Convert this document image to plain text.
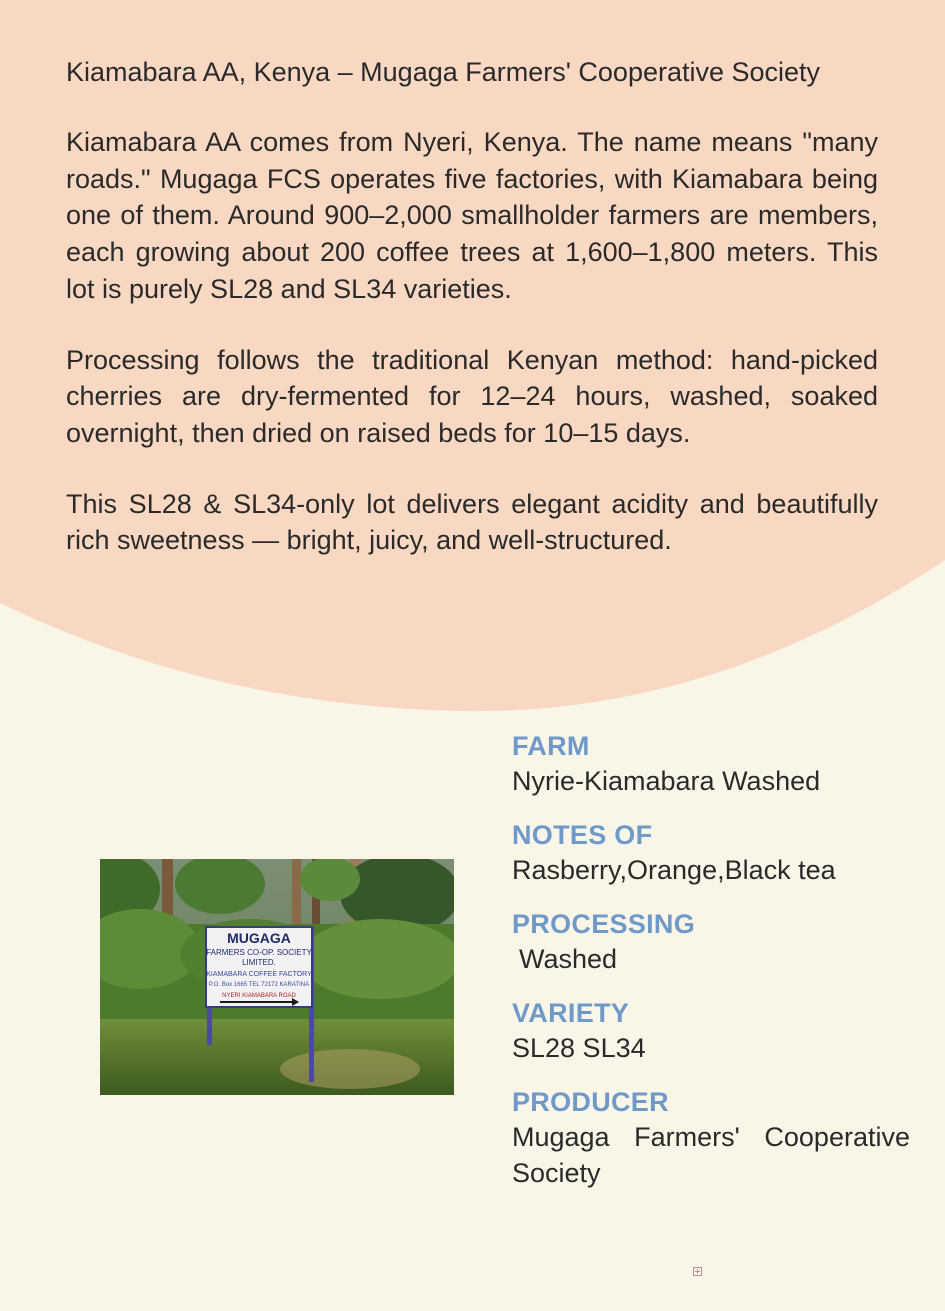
Kiamabara AA, Kenya – Mugaga Farmers' Cooperative Society

Kiamabara AA comes from Nyeri, Kenya. The name means "many roads." Mugaga FCS operates five factories, with Kiamabara being one of them. Around 900–2,000 smallholder farmers are members, each growing about 200 coffee trees at 1,600–1,800 meters. This lot is purely SL28 and SL34 varieties.

Processing follows the traditional Kenyan method: hand-picked cherries are dry-fermented for 12–24 hours, washed, soaked overnight, then dried on raised beds for 10–15 days.

This SL28 & SL34-only lot delivers elegant acidity and beautifully rich sweetness — bright, juicy, and well-structured.

MUGAGA
FARMERS CO-OP. SOCIETY
LIMITED.
KIAMABARA COFFEE FACTORY
P.O. Box 1665 TEL 72172 KARATINA
NYERI KIAMABARA ROAD
FARM
Nyrie-Kiamabara Washed
NOTES OF
Rasberry,Orange,Black tea
PROCESSING
Washed
VARIETY
SL28 SL34
PRODUCER
Mugaga Farmers' Cooperative Society
